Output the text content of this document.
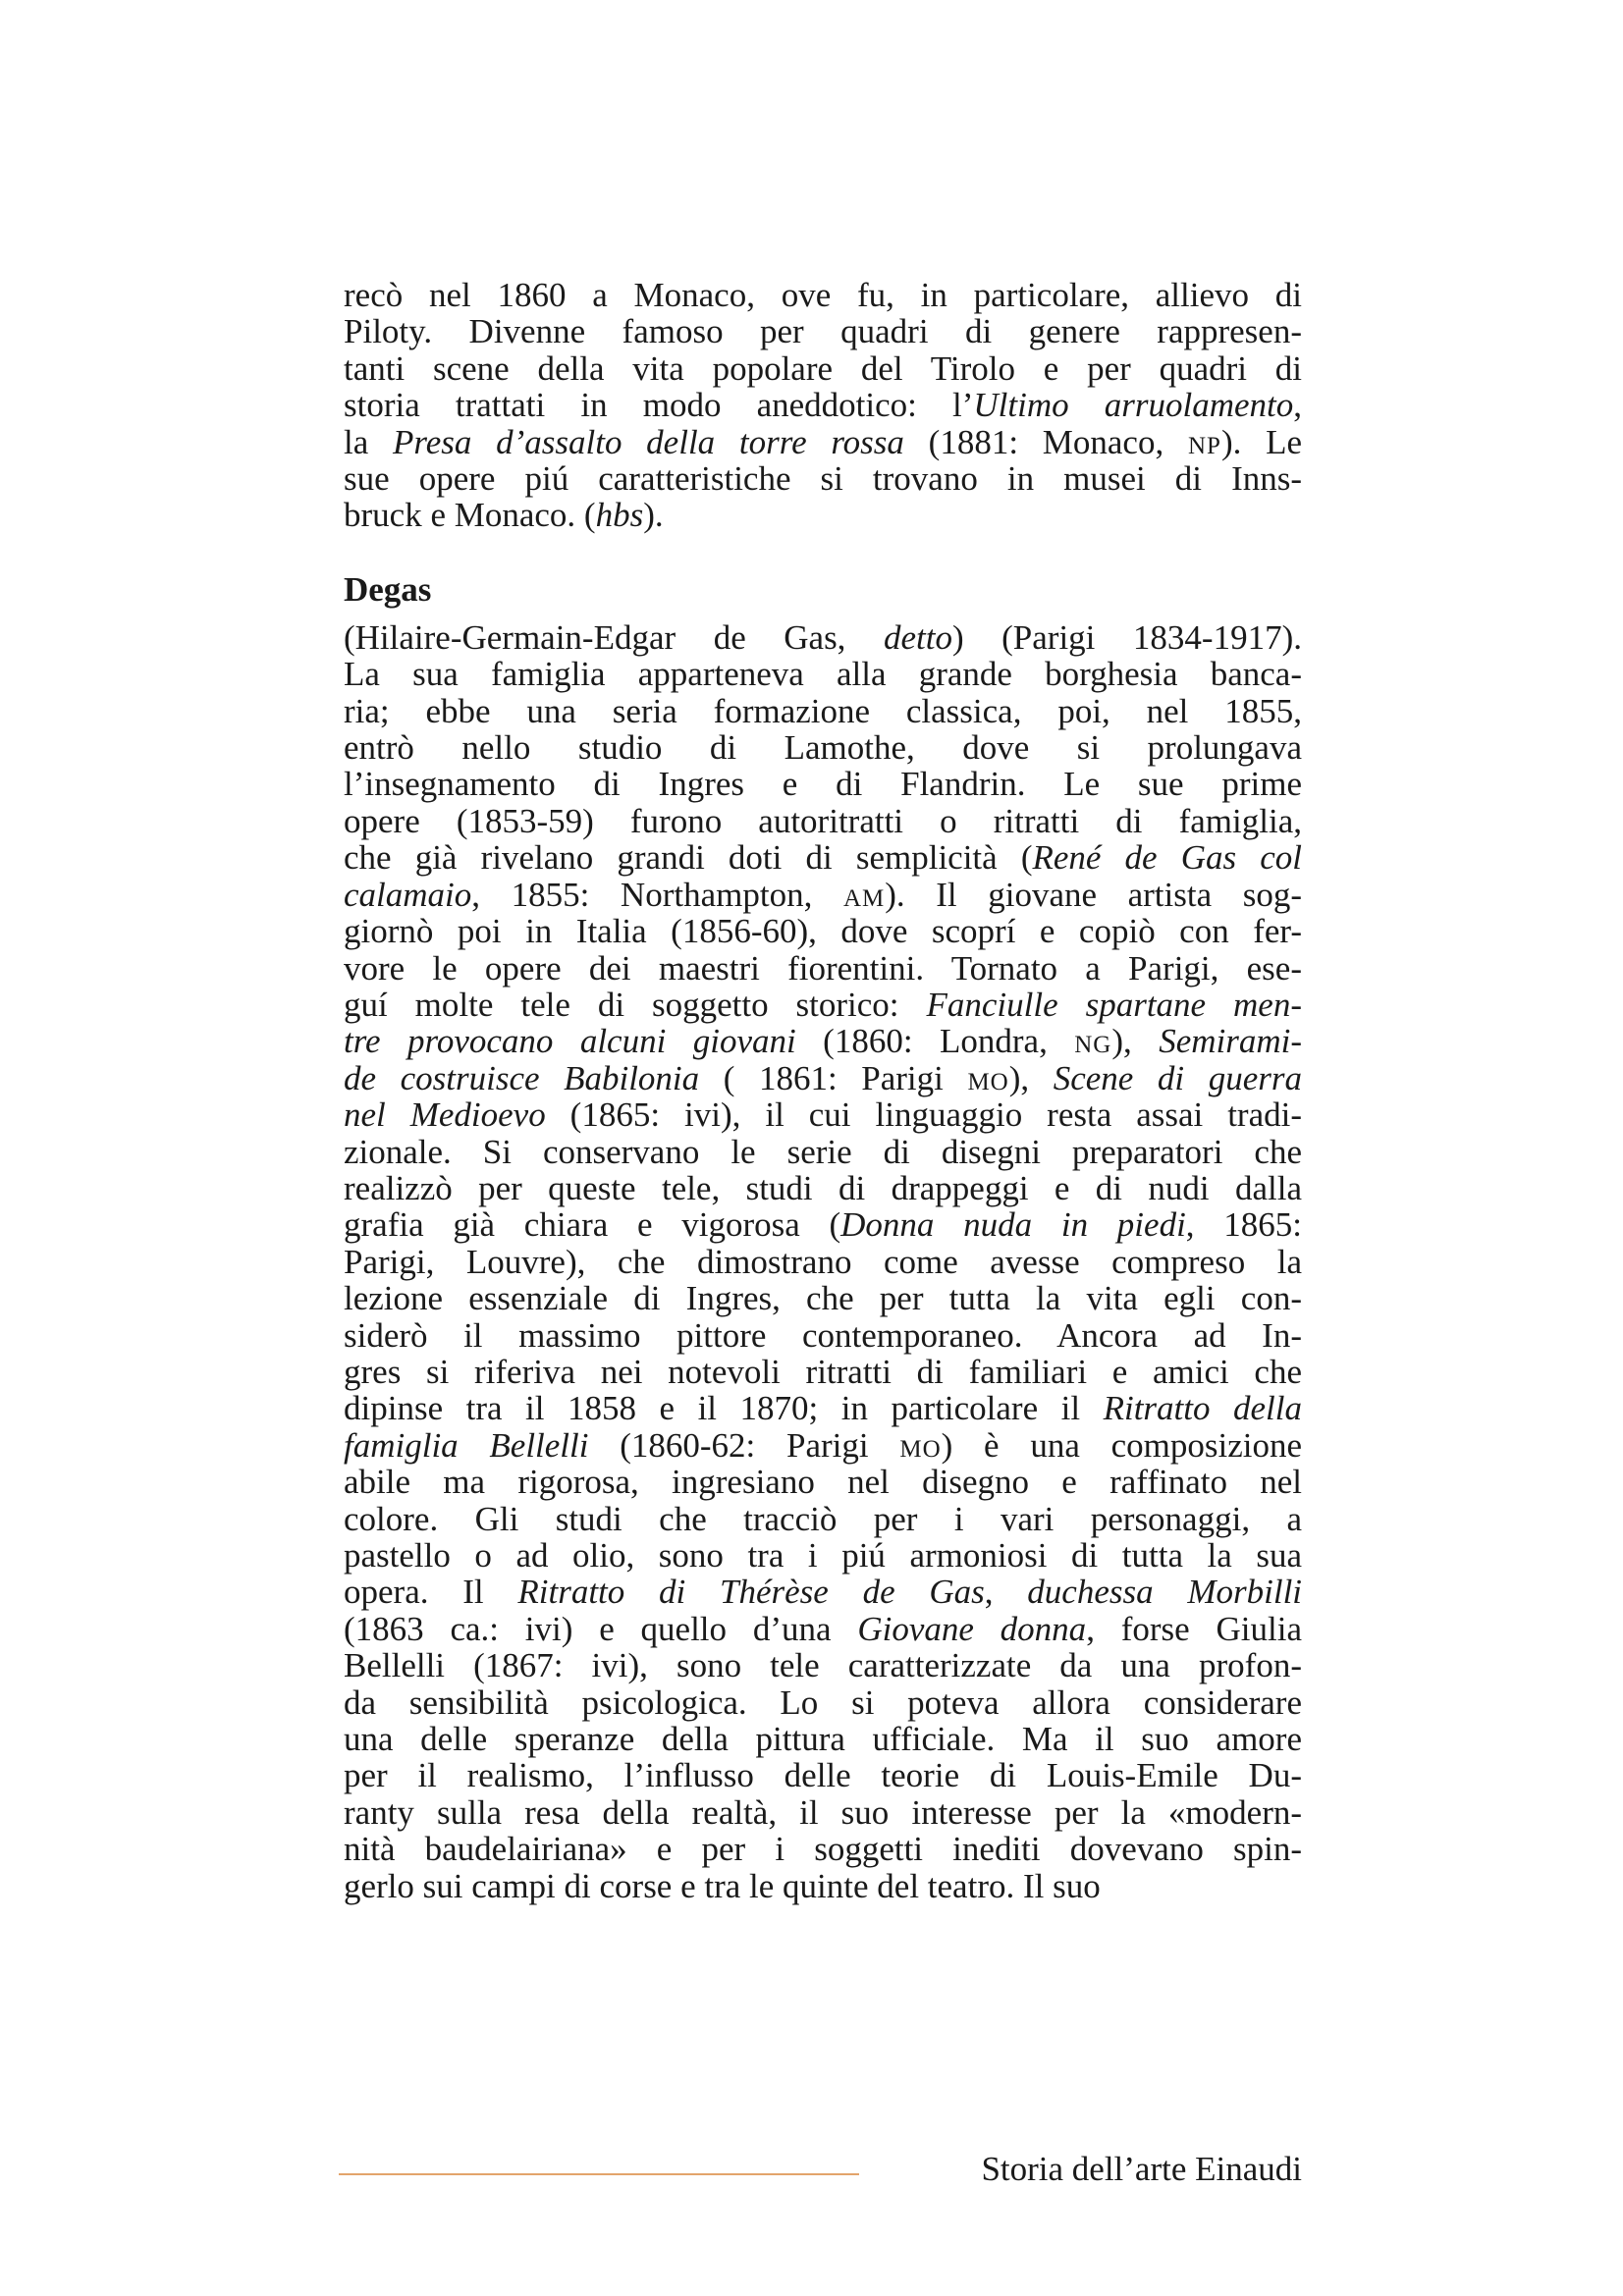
recò nel 1860 a Monaco, ove fu, in particolare, allievo di
Piloty. Divenne famoso per quadri di genere rappresen-
tanti scene della vita popolare del Tirolo e per quadri di
storia trattati in modo aneddotico: l’Ultimo arruolamento,
la Presa d’assalto della torre rossa (1881: Monaco, np). Le
sue opere piú caratteristiche si trovano in musei di Inns-
bruck e Monaco. (hbs).

Degas

(Hilaire-Germain-Edgar de Gas, detto) (Parigi 1834-1917).
La sua famiglia apparteneva alla grande borghesia banca-
ria; ebbe una seria formazione classica, poi, nel 1855,
entrò nello studio di Lamothe, dove si prolungava
l’insegnamento di Ingres e di Flandrin. Le sue prime
opere (1853-59) furono autoritratti o ritratti di famiglia,
che già rivelano grandi doti di semplicità (René de Gas col
calamaio, 1855: Northampton, am). Il giovane artista sog-
giornò poi in Italia (1856-60), dove scoprí e copiò con fer-
vore le opere dei maestri fiorentini. Tornato a Parigi, ese-
guí molte tele di soggetto storico: Fanciulle spartane men-
tre provocano alcuni giovani (1860: Londra, ng), Semirami-
de costruisce Babilonia ( 1861: Parigi mo), Scene di guerra
nel Medioevo (1865: ivi), il cui linguaggio resta assai tradi-
zionale. Si conservano le serie di disegni preparatori che
realizzò per queste tele, studi di drappeggi e di nudi dalla
grafia già chiara e vigorosa (Donna nuda in piedi, 1865:
Parigi, Louvre), che dimostrano come avesse compreso la
lezione essenziale di Ingres, che per tutta la vita egli con-
siderò il massimo pittore contemporaneo. Ancora ad In-
gres si riferiva nei notevoli ritratti di familiari e amici che
dipinse tra il 1858 e il 1870; in particolare il Ritratto della
famiglia Bellelli (1860-62: Parigi mo) è una composizione
abile ma rigorosa, ingresiano nel disegno e raffinato nel
colore. Gli studi che tracciò per i vari personaggi, a
pastello o ad olio, sono tra i piú armoniosi di tutta la sua
opera. Il Ritratto di Thérèse de Gas, duchessa Morbilli
(1863 ca.: ivi) e quello d’una Giovane donna, forse Giulia
Bellelli (1867: ivi), sono tele caratterizzate da una profon-
da sensibilità psicologica. Lo si poteva allora considerare
una delle speranze della pittura ufficiale. Ma il suo amore
per il realismo, l’influsso delle teorie di Louis-Emile Du-
ranty sulla resa della realtà, il suo interesse per la «modern-
nità baudelairiana» e per i soggetti inediti dovevano spin-
gerlo sui campi di corse e tra le quinte del teatro. Il suo

Storia dell’arte Einaudi
